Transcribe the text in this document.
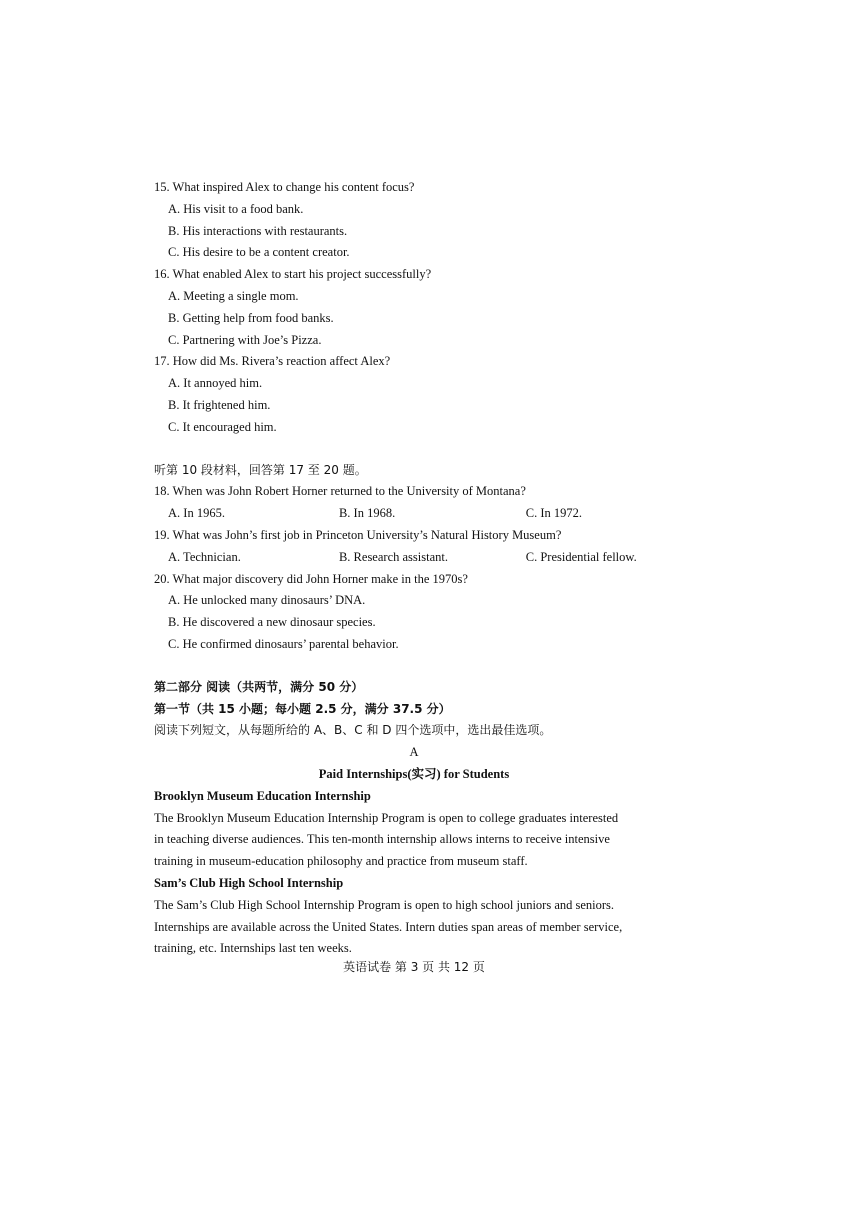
15. What inspired Alex to change his content focus?
A. His visit to a food bank.
B. His interactions with restaurants.
C. His desire to be a content creator.
16. What enabled Alex to start his project successfully?
A. Meeting a single mom.
B. Getting help from food banks.
C. Partnering with Joe’s Pizza.
17. How did Ms. Rivera’s reaction affect Alex?
A. It annoyed him.
B. It frightened him.
C. It encouraged him.
听第 10 段材料，回答第 17 至 20 题。
18. When was John Robert Horner returned to the University of Montana?
A. In 1965.	B. In 1968.	C. In 1972.
19. What was John’s first job in Princeton University’s Natural History Museum?
A. Technician.	B. Research assistant.	C. Presidential fellow.
20. What major discovery did John Horner make in the 1970s?
A. He unlocked many dinosaurs’ DNA.
B. He discovered a new dinosaur species.
C. He confirmed dinosaurs’ parental behavior.
第二部分 阅读（共两节，满分 50 分）
第一节（共 15 小题；每小题 2.5 分，满分 37.5 分）
阅读下列短文，从每题所给的 A、B、C 和 D 四个选项中，选出最佳选项。
A
Paid Internships(实习) for Students
Brooklyn Museum Education Internship
The Brooklyn Museum Education Internship Program is open to college graduates interested
in teaching diverse audiences. This ten-month internship allows interns to receive intensive
training in museum-education philosophy and practice from museum staff.
Sam’s Club High School Internship
The Sam’s Club High School Internship Program is open to high school juniors and seniors.
Internships are available across the United States. Intern duties span areas of member service,
training, etc. Internships last ten weeks.
英语试卷 第 3 页 共 12 页
